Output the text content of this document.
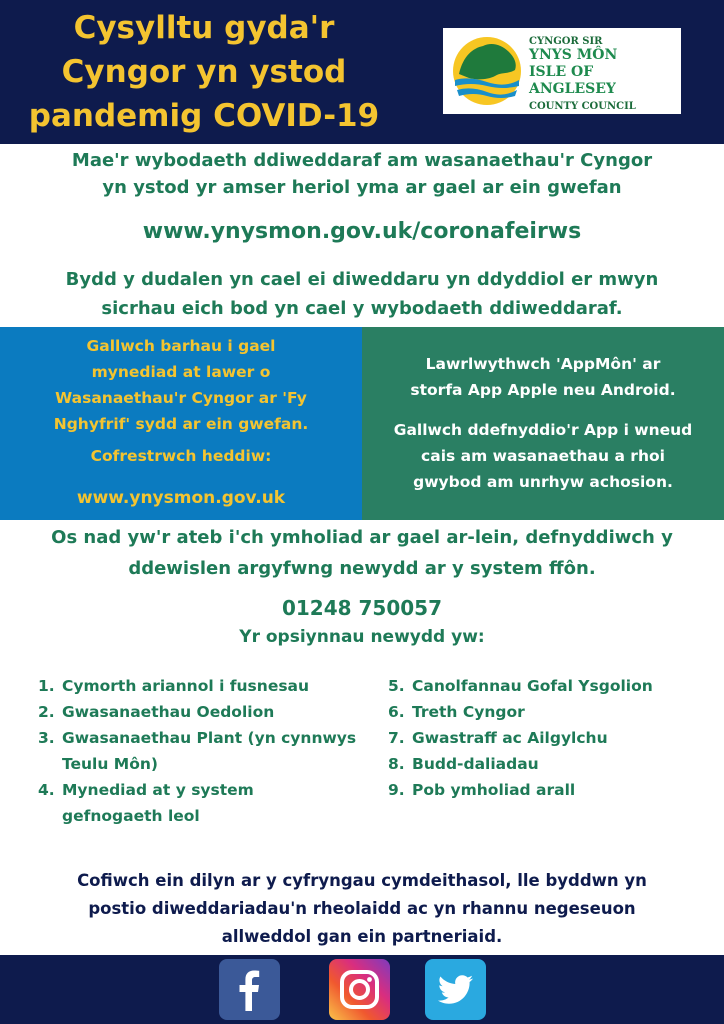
Cysylltu gyda'r
Cyngor yn ystod
pandemig COVID-19
CYNGOR SIR
YNYS MÔN
ISLE OF ANGLESEY
COUNTY COUNCIL
Mae'r wybodaeth ddiweddaraf am wasanaethau'r Cyngor
yn ystod yr amser heriol yma ar gael ar ein gwefan
www.ynysmon.gov.uk/coronafeirws
Bydd y dudalen yn cael ei diweddaru yn ddyddiol er mwyn
sicrhau eich bod yn cael y wybodaeth ddiweddaraf.
Gallwch barhau i gael
mynediad at lawer o
Wasanaethau'r Cyngor ar 'Fy
Nghyfrif' sydd ar ein gwefan.
Cofrestrwch heddiw:
www.ynysmon.gov.uk
Lawrlwythwch 'AppMôn' ar
storfa App Apple neu Android.
Gallwch ddefnyddio'r App i wneud
cais am wasanaethau a rhoi
gwybod am unrhyw achosion.
Os nad yw'r ateb i'ch ymholiad ar gael ar-lein, defnyddiwch y
ddewislen argyfwng newydd ar y system ffôn.
01248 750057
Yr opsiynnau newydd yw:
1. Cymorth ariannol i fusnesau
2. Gwasanaethau Oedolion
3. Gwasanaethau Plant (yn cynnwys Teulu Môn)
4. Mynediad at y system gefnogaeth leol
5. Canolfannau Gofal Ysgolion
6. Treth Cyngor
7. Gwastraff ac Ailgylchu
8. Budd-daliadau
9. Pob ymholiad arall
Cofiwch ein dilyn ar y cyfryngau cymdeithasol, lle byddwn yn
postio diweddariadau'n rheolaidd ac yn rhannu negeseuon
allweddol gan ein partneriaid.
